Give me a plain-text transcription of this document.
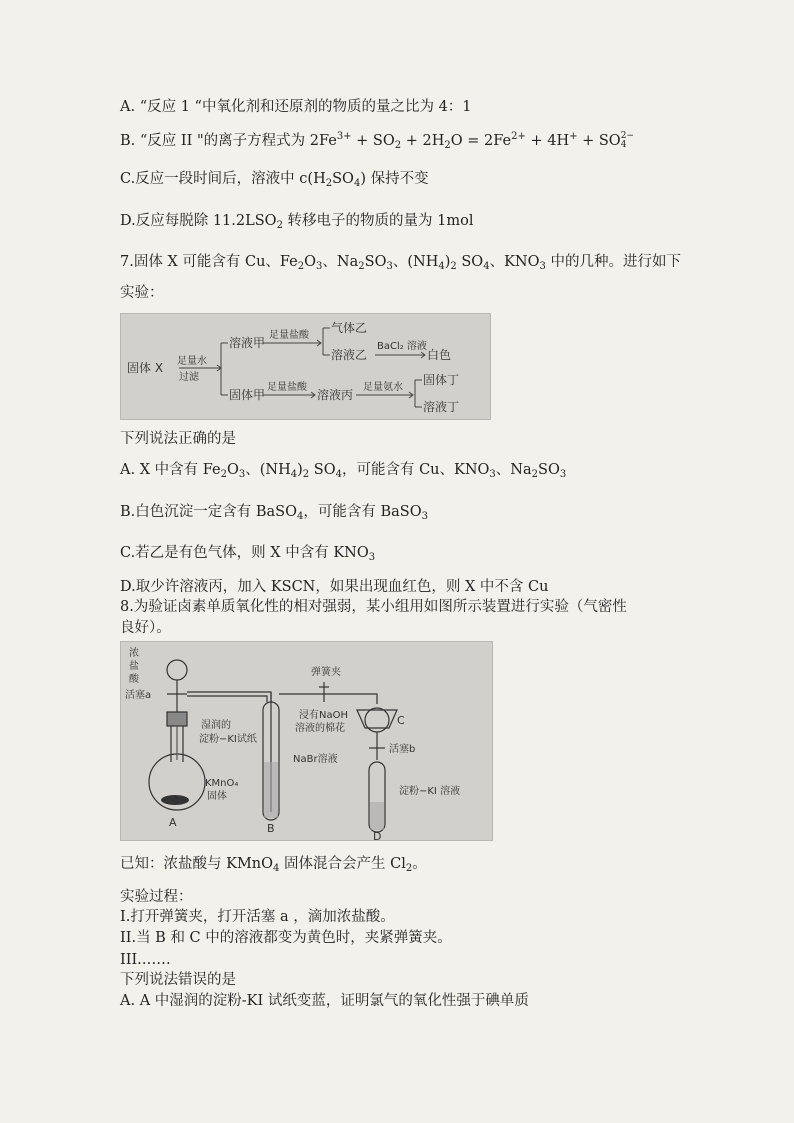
A. “反应 1 “中氧化剂和还原剂的物质的量之比为 4：1
B. “反应 II "的离子方程式为 $2Fe^{3+} + SO_2 + 2H_2O = 2Fe^{2+} + 4H^+$ + SO 2−
4
C.反应一段时间后，溶液中 $c(H_2SO_4)$ 保持不变
D.反应每脱除 $11.2LSO_2$ 转移电子的物质的量为 1mol
7.固体 X 可能含有 Cu、$Fe_2O_3$、$Na_2SO_3$、$(NH_4)_2$ $SO_4$、$KNO_3$ 中的几种。进行如下
实验：
固体 X 足量水
过滤
溶液甲
足量盐酸
气体乙
溶液乙
BaCl₂ 溶液
白色
固体甲
足量盐酸
溶液丙
足量氨水
固体丁
溶液丁
下列说法正确的是
A. X 中含有 $Fe_2O_3$、$(NH_4)_2$ $SO_4$，可能含有 Cu、$KNO_3$、$Na_2SO_3$
B.白色沉淀一定含有 BaSO$_4$，可能含有 BaSO$_3$
C.若乙是有色气体，则 X 中含有 $KNO_3$
D.取少许溶液丙，加入 KSCN，如果出现血红色，则 X 中不含 Cu
8.为验证卤素单质氧化性的相对强弱，某小组用如图所示装置进行实验（气密性
良好）。
浓
盐
酸
活塞a
弹簧夹
浸有NaOH
溶液的棉花
湿润的
淀粉−KI试纸
KMnO₄
固体
NaBr溶液
C
活塞b
淀粉−KI 溶液
A	B
D
已知：浓盐酸与 KMnO$_4$ 固体混合会产生 $Cl_2$。
实验过程：
I.打开弹簧夹，打开活塞 a ，滴加浓盐酸。
II.当 B 和 C 中的溶液都变为黄色时，夹紧弹簧夹。
III.……
下列说法错误的是
A. A 中湿润的淀粉-KI 试纸变蓝，证明氯气的氧化性强于碘单质
